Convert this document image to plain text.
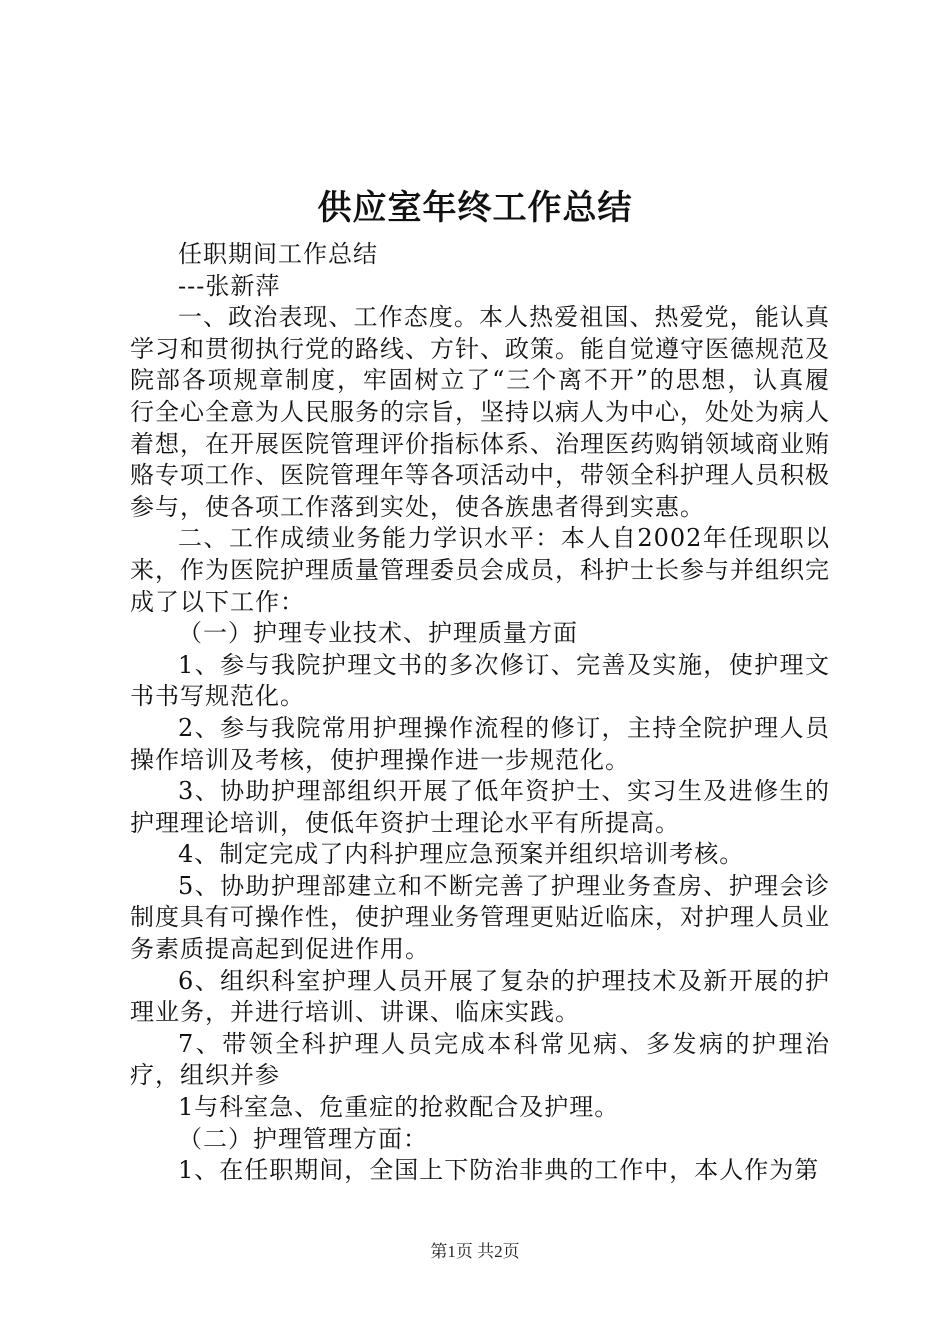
供应室年终工作总结

任职期间工作总结

---张新萍

一、政治表现、工作态度。本人热爱祖国、热爱党，能认真学习和贯彻执行党的路线、方针、政策。能自觉遵守医德规范及院部各项规章制度，牢固树立了“三个离不开”的思想，认真履行全心全意为人民服务的宗旨，坚持以病人为中心，处处为病人着想，在开展医院管理评价指标体系、治理医药购销领域商业贿赂专项工作、医院管理年等各项活动中，带领全科护理人员积极参与，使各项工作落到实处，使各族患者得到实惠。

二、工作成绩业务能力学识水平：本人自2002年任现职以来，作为医院护理质量管理委员会成员，科护士长参与并组织完成了以下工作：

（一）护理专业技术、护理质量方面

1、参与我院护理文书的多次修订、完善及实施，使护理文书书写规范化。

2、参与我院常用护理操作流程的修订，主持全院护理人员操作培训及考核，使护理操作进一步规范化。

3、协助护理部组织开展了低年资护士、实习生及进修生的护理理论培训，使低年资护士理论水平有所提高。

4、制定完成了内科护理应急预案并组织培训考核。

5、协助护理部建立和不断完善了护理业务查房、护理会诊制度具有可操作性，使护理业务管理更贴近临床，对护理人员业务素质提高起到促进作用。

6、组织科室护理人员开展了复杂的护理技术及新开展的护理业务，并进行培训、讲课、临床实践。

7、带领全科护理人员完成本科常见病、多发病的护理治疗，组织并参

1与科室急、危重症的抢救配合及护理。

（二）护理管理方面：

1、在任职期间，全国上下防治非典的工作中，本人作为第

第1页 共2页
